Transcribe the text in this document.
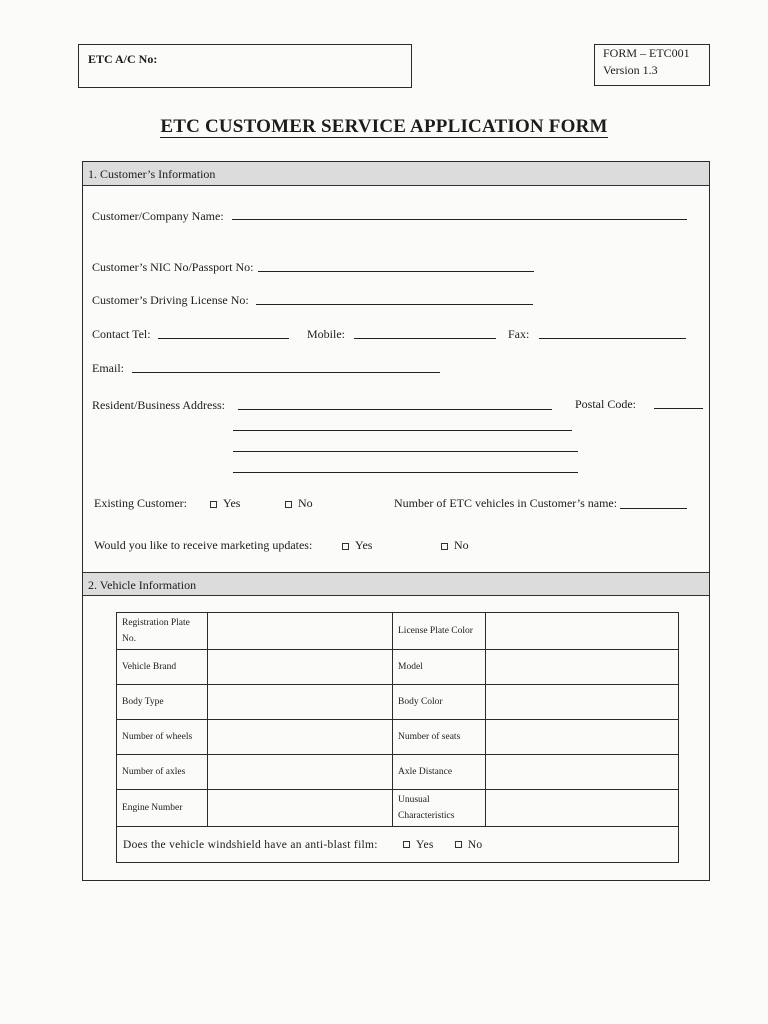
ETC A/C No:	FORM – ETC001
Version 1.3
ETC CUSTOMER SERVICE APPLICATION FORM
1. Customer’s Information
Customer/Company Name:
Customer’s NIC No/Passport No:
Customer’s Driving License No:
Contact Tel:	Mobile:	Fax:
Email:
Resident/Business Address:	Postal Code:
Existing Customer:	Yes	No	Number of ETC vehicles in Customer’s name:
Would you like to receive marketing updates:	Yes	No
2. Vehicle Information
Registration Plate No.		License Plate Color	
Vehicle Brand		Model	
Body Type		Body Color	
Number of wheels		Number of seats	
Number of axles		Axle Distance	
Engine Number		Unusual Characteristics	
Does the vehicle windshield have an anti-blast film: Yes No			
